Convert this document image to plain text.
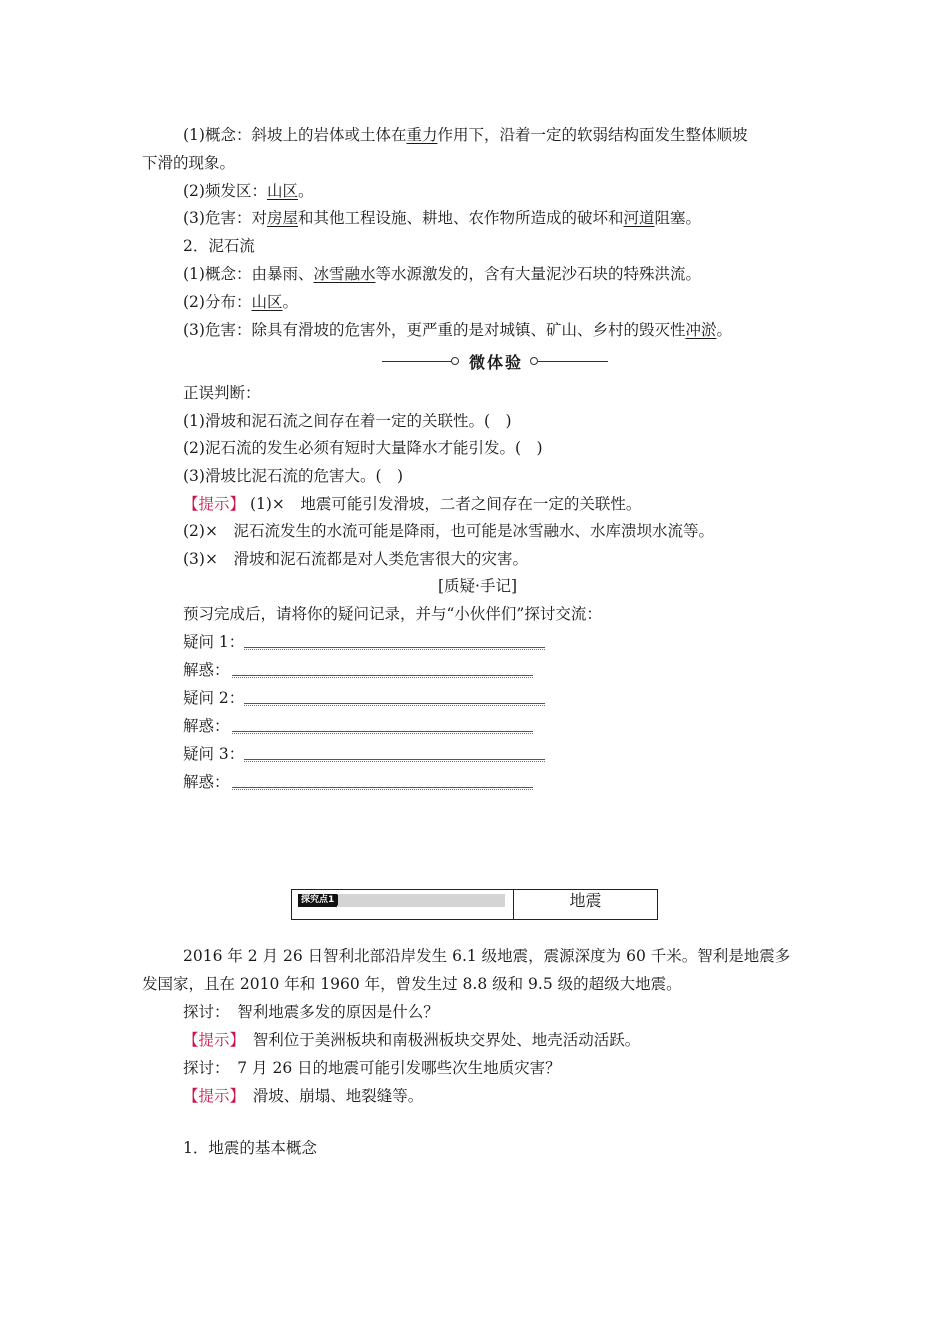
(1)概念：斜坡上的岩体或土体在重力作用下，沿着一定的软弱结构面发生整体顺坡
下滑的现象。
(2)频发区：山区。
(3)危害：对房屋和其他工程设施、耕地、农作物所造成的破坏和河道阻塞。
2．泥石流
(1)概念：由暴雨、冰雪融水等水源激发的，含有大量泥沙石块的特殊洪流。
(2)分布：山区。
(3)危害：除具有滑坡的危害外，更严重的是对城镇、矿山、乡村的毁灭性冲淤。
微体验
正误判断：
(1)滑坡和泥石流之间存在着一定的关联性。(　)
(2)泥石流的发生必须有短时大量降水才能引发。(　)
(3)滑坡比泥石流的危害大。(　)
【提示】 (1)×　地震可能引发滑坡，二者之间存在一定的关联性。
(2)×　泥石流发生的水流可能是降雨，也可能是冰雪融水、水库溃坝水流等。
(3)×　滑坡和泥石流都是对人类危害很大的灾害。
[质疑·手记]
预习完成后，请将你的疑问记录，并与“小伙伴们”探讨交流：
疑问 1：
解惑：
疑问 2：
解惑：
疑问 3：
解惑：
探究点1	地震
2016 年 2 月 26 日智利北部沿岸发生 6.1 级地震，震源深度为 60 千米。智利是地震多
发国家，且在 2010 年和 1960 年，曾发生过 8.8 级和 9.5 级的超级大地震。
探讨：　智利地震多发的原因是什么？
【提示】　智利位于美洲板块和南极洲板块交界处、地壳活动活跃。
探讨：　7 月 26 日的地震可能引发哪些次生地质灾害？
【提示】　滑坡、崩塌、地裂缝等。
1．地震的基本概念
